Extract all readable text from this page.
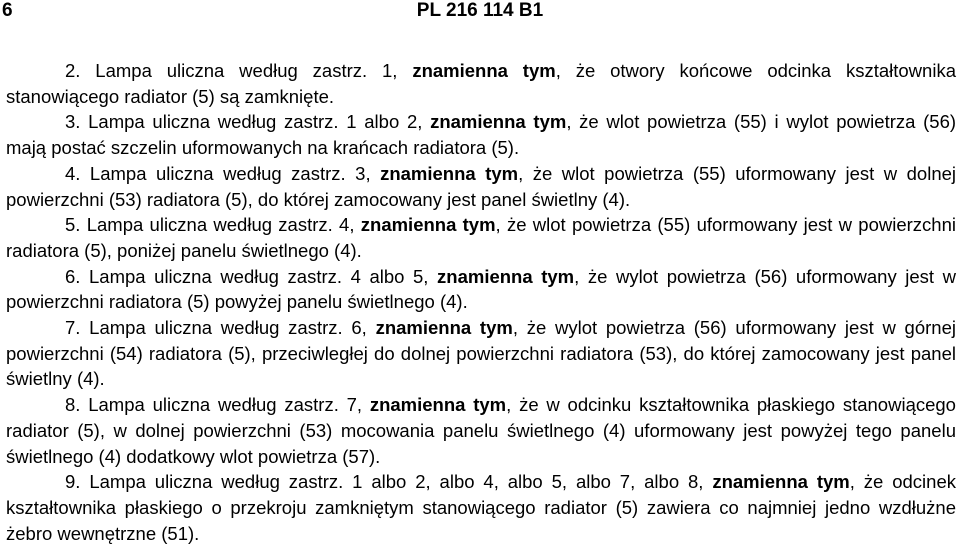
6	PL 216 114 B1

2. Lampa uliczna według zastrz. 1, znamienna tym, że otwory końcowe odcinka kształtownika stanowiącego radiator (5) są zamknięte.

3. Lampa uliczna według zastrz. 1 albo 2, znamienna tym, że wlot powietrza (55) i wylot powietrza (56) mają postać szczelin uformowanych na krańcach radiatora (5).

4. Lampa uliczna według zastrz. 3, znamienna tym, że wlot powietrza (55) uformowany jest w dolnej powierzchni (53) radiatora (5), do której zamocowany jest panel świetlny (4).

5. Lampa uliczna według zastrz. 4, znamienna tym, że wlot powietrza (55) uformowany jest w powierzchni radiatora (5), poniżej panelu świetlnego (4).

6. Lampa uliczna według zastrz. 4 albo 5, znamienna tym, że wylot powietrza (56) uformowany jest w powierzchni radiatora (5) powyżej panelu świetlnego (4).

7. Lampa uliczna według zastrz. 6, znamienna tym, że wylot powietrza (56) uformowany jest w górnej powierzchni (54) radiatora (5), przeciwległej do dolnej powierzchni radiatora (53), do której zamocowany jest panel świetlny (4).

8. Lampa uliczna według zastrz. 7, znamienna tym, że w odcinku kształtownika płaskiego stanowiącego radiator (5), w dolnej powierzchni (53) mocowania panelu świetlnego (4) uformowany jest powyżej tego panelu świetlnego (4) dodatkowy wlot powietrza (57).

9. Lampa uliczna według zastrz. 1 albo 2, albo 4, albo 5, albo 7, albo 8, znamienna tym, że odcinek kształtownika płaskiego o przekroju zamkniętym stanowiącego radiator (5) zawiera co najmniej jedno wzdłużne żebro wewnętrzne (51).
